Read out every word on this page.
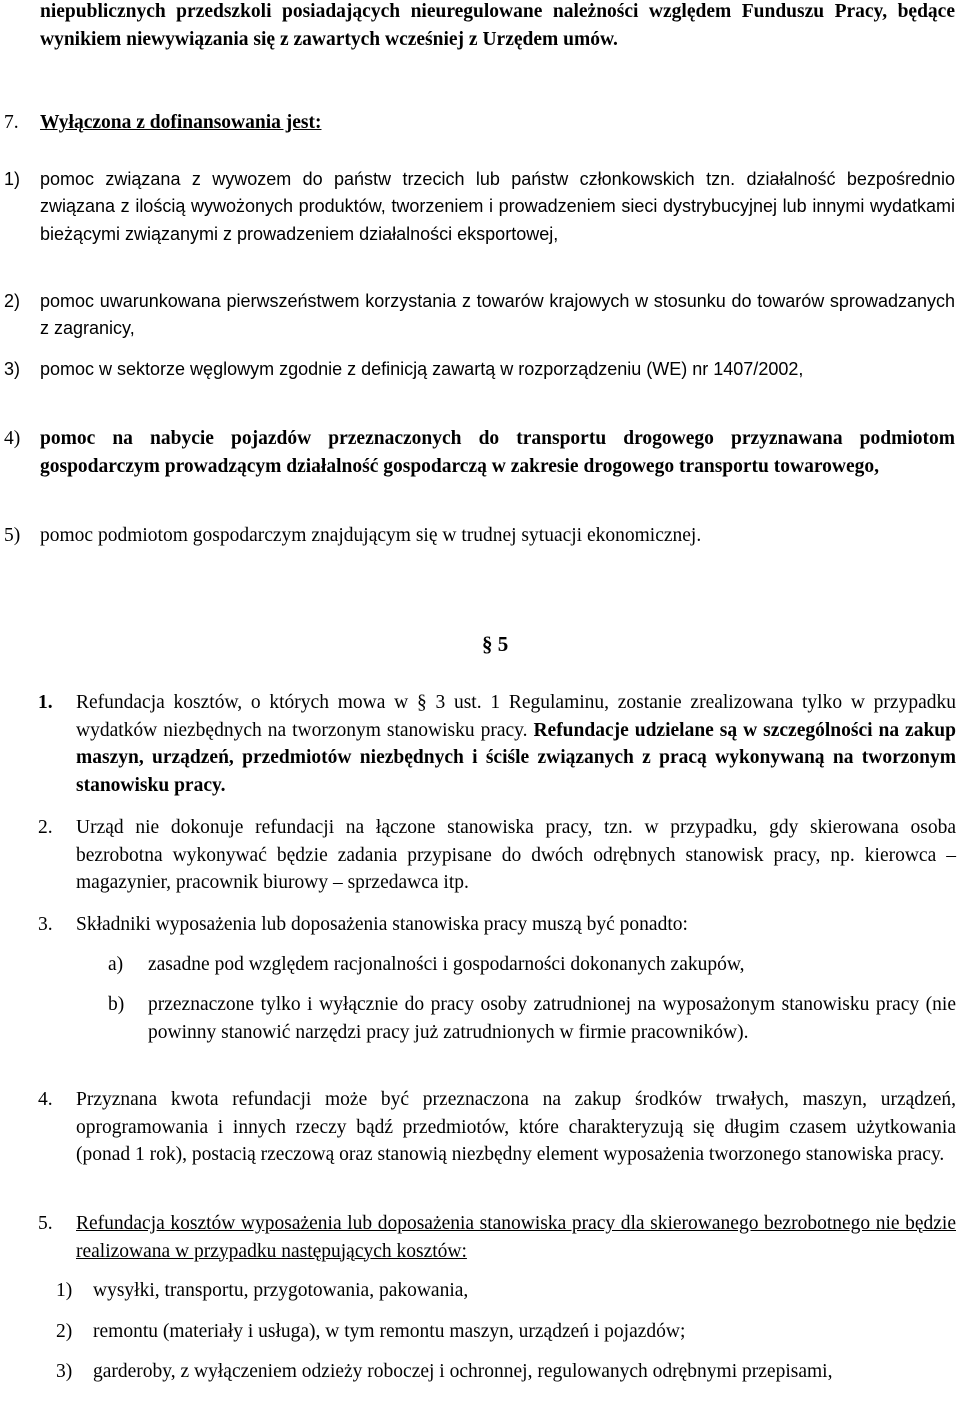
niepublicznych przedszkoli posiadających nieuregulowane należności względem Funduszu Pracy, będące wynikiem niewywiązania się z zawartych wcześniej z Urzędem umów.

7. Wyłączona z dofinansowania jest:
1) pomoc związana z wywozem do państw trzecich lub państw członkowskich tzn. działalność bezpośrednio związana z ilością wywożonych produktów, tworzeniem i prowadzeniem sieci dystrybucyjnej lub innymi wydatkami bieżącymi związanymi z prowadzeniem działalności eksportowej,

2) pomoc uwarunkowana pierwszeństwem korzystania z towarów krajowych w stosunku do towarów sprowadzanych z zagranicy,

3) pomoc w sektorze węglowym zgodnie z definicją zawartą w rozporządzeniu (WE) nr 1407/2002,

4) pomoc na nabycie pojazdów przeznaczonych do transportu drogowego przyznawana podmiotom gospodarczym prowadzącym działalność gospodarczą w zakresie drogowego transportu towarowego,

5) pomoc podmiotom gospodarczym znajdującym się w trudnej sytuacji ekonomicznej.

§ 5
1. Refundacja kosztów, o których mowa w § 3 ust. 1 Regulaminu, zostanie zrealizowana tylko w przypadku wydatków niezbędnych na tworzonym stanowisku pracy. Refundacje udzielane są w szczególności na zakup maszyn, urządzeń, przedmiotów niezbędnych i ściśle związanych z pracą wykonywaną na tworzonym stanowisku pracy.

2. Urząd nie dokonuje refundacji na łączone stanowiska pracy, tzn. w przypadku, gdy skierowana osoba bezrobotna wykonywać będzie zadania przypisane do dwóch odrębnych stanowisk pracy, np. kierowca – magazynier, pracownik biurowy – sprzedawca itp.

3. Składniki wyposażenia lub doposażenia stanowiska pracy muszą być ponadto:

a) zasadne pod względem racjonalności i gospodarności dokonanych zakupów,

b) przeznaczone tylko i wyłącznie do pracy osoby zatrudnionej na wyposażonym stanowisku pracy (nie powinny stanowić narzędzi pracy już zatrudnionych w firmie pracowników).

4. Przyznana kwota refundacji może być przeznaczona na zakup środków trwałych, maszyn, urządzeń, oprogramowania i innych rzeczy bądź przedmiotów, które charakteryzują się długim czasem użytkowania (ponad 1 rok), postacią rzeczową oraz stanowią niezbędny element wyposażenia tworzonego stanowiska pracy.

5. Refundacja kosztów wyposażenia lub doposażenia stanowiska pracy dla skierowanego bezrobotnego nie będzie realizowana w przypadku następujących kosztów:

1) wysyłki, transportu, przygotowania, pakowania,

2) remontu (materiały i usługa), w tym remontu maszyn, urządzeń i pojazdów;

3) garderoby, z wyłączeniem odzieży roboczej i ochronnej, regulowanych odrębnymi przepisami,
